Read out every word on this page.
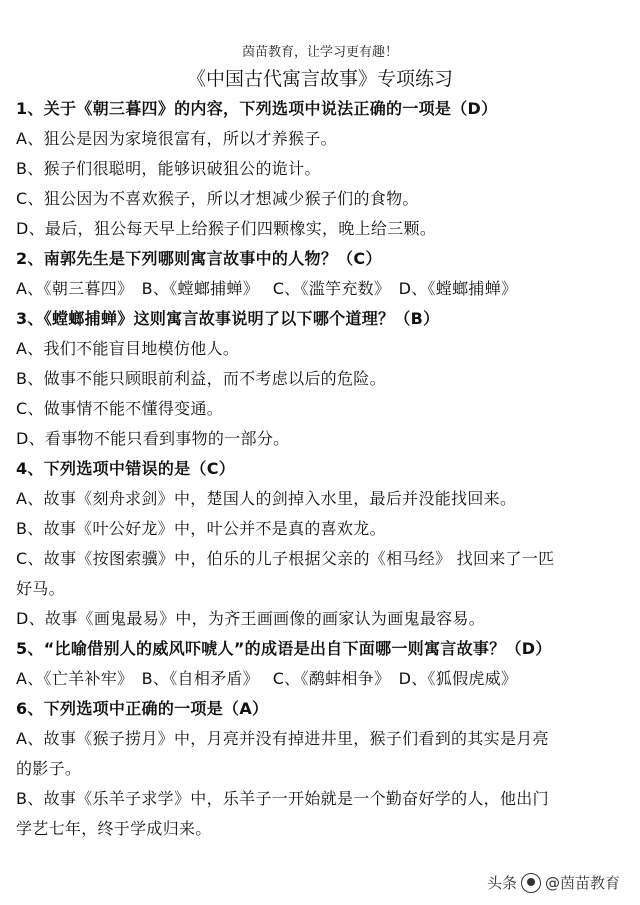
茵苗教育，让学习更有趣！
《中国古代寓言故事》专项练习
1、关于《朝三暮四》的内容，下列选项中说法正确的一项是（D）
A、狙公是因为家境很富有，所以才养猴子。
B、猴子们很聪明，能够识破狙公的诡计。
C、狙公因为不喜欢猴子，所以才想减少猴子们的食物。
D、最后，狙公每天早上给猴子们四颗橡实，晚上给三颗。
2、南郭先生是下列哪则寓言故事中的人物？（C）
A、《朝三暮四》　B、《螳螂捕蝉》　 C、《滥竽充数》　D、《螳螂捕蝉》
3、《螳螂捕蝉》这则寓言故事说明了以下哪个道理？（B）
A、我们不能盲目地模仿他人。
B、做事不能只顾眼前利益，而不考虑以后的危险。
C、做事情不能不懂得变通。
D、看事物不能只看到事物的一部分。
4、下列选项中错误的是（C）
A、故事《刻舟求剑》中，楚国人的剑掉入水里，最后并没能找回来。
B、故事《叶公好龙》中，叶公并不是真的喜欢龙。
C、故事《按图索骥》中，伯乐的儿子根据父亲的《相马经》 找回来了一匹
好马。
D、故事《画鬼最易》中，为齐王画画像的画家认为画鬼最容易。
5、“比喻借别人的威风吓唬人”的成语是出自下面哪一则寓言故事？（D）
A、《亡羊补牢》　B、《自相矛盾》　 C、《鹬蚌相争》　D、《狐假虎威》
6、下列选项中正确的一项是（A）
A、故事《猴子捞月》中，月亮并没有掉进井里，猴子们看到的其实是月亮
的影子。
B、故事《乐羊子求学》中，乐羊子一开始就是一个勤奋好学的人，他出门
学艺七年，终于学成归来。
头条 @茵苗教育
